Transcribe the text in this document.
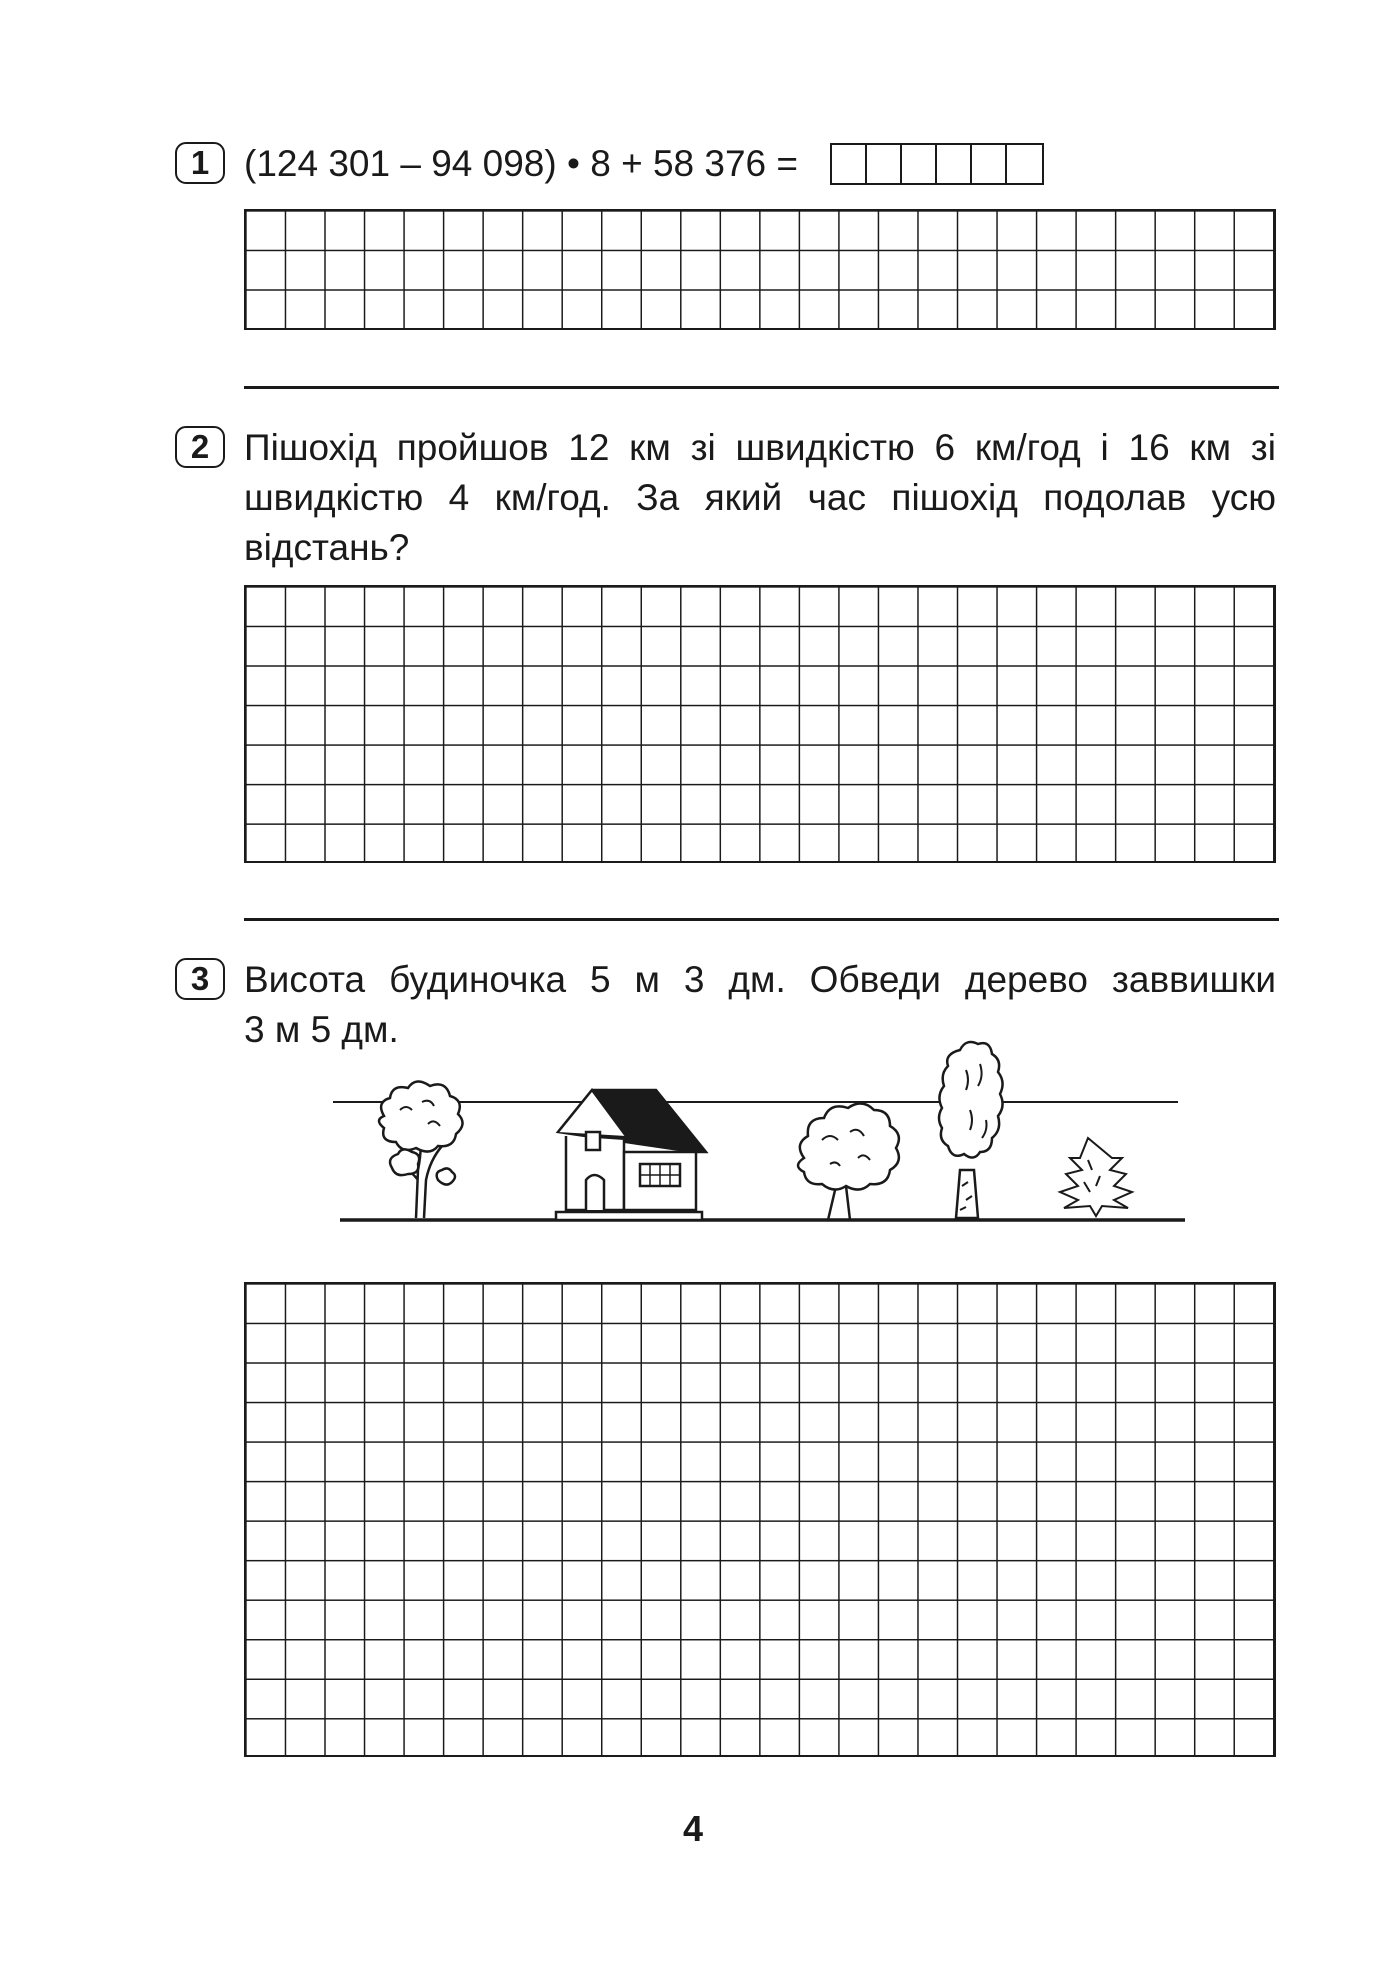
1 (124 301 – 94 098) • 8 + 58 376 =
2 Пішохід пройшов 12 км зі швидкістю 6 км/год і 16 км зі
швидкістю 4 км/год. За який час пішохід подолав усю
відстань?
3 Висота будиночка 5 м 3 дм. Обведи дерево заввишки
3 м 5 дм.
4
